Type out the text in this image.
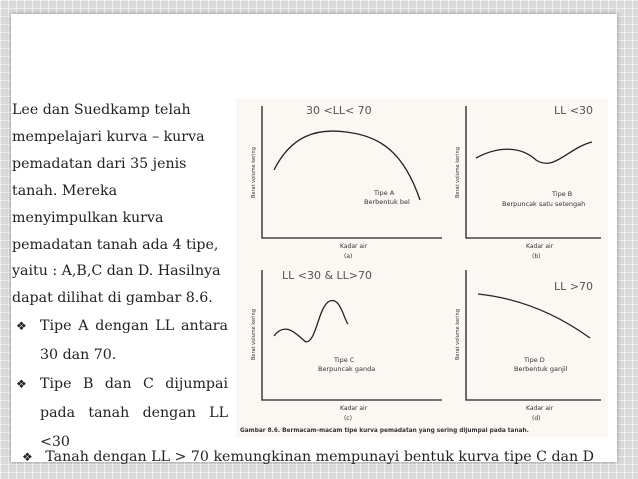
Lee dan Suedkamp telah

mempelajari kurva – kurva

pemadatan dari 35 jenis

tanah. Mereka

menyimpulkan kurva

pemadatan tanah ada 4 tipe,

yaitu : A,B,C dan D. Hasilnya

dapat dilihat di gambar 8.6.

❖ Tipe A dengan LL antara 30 dan 70.
❖ Tipe B dan C dijumpai pada tanah dengan LL <30
❖ Tanah dengan LL > 70 kemungkinan mempunayi bentuk kurva tipe C dan D
30 <LL< 70	LL <30
LL <30 & LL>70
LL >70
Tipe A
Berbentuk bel
Kadar air
(a)
Berat volume kering	Tipe B
Berpuncak satu setengah
Kadar air
(b)
Berat volume kering
Tipe C
Berpuncak ganda
Kadar air
(c)
Berat volume kering	Tipe D
Berbentuk ganjil
Kadar air
(d)
Berat volume kering
Gambar 8.6. Bermacam-macam tipe kurva pemadatan yang sering dijumpai pada tanah.
